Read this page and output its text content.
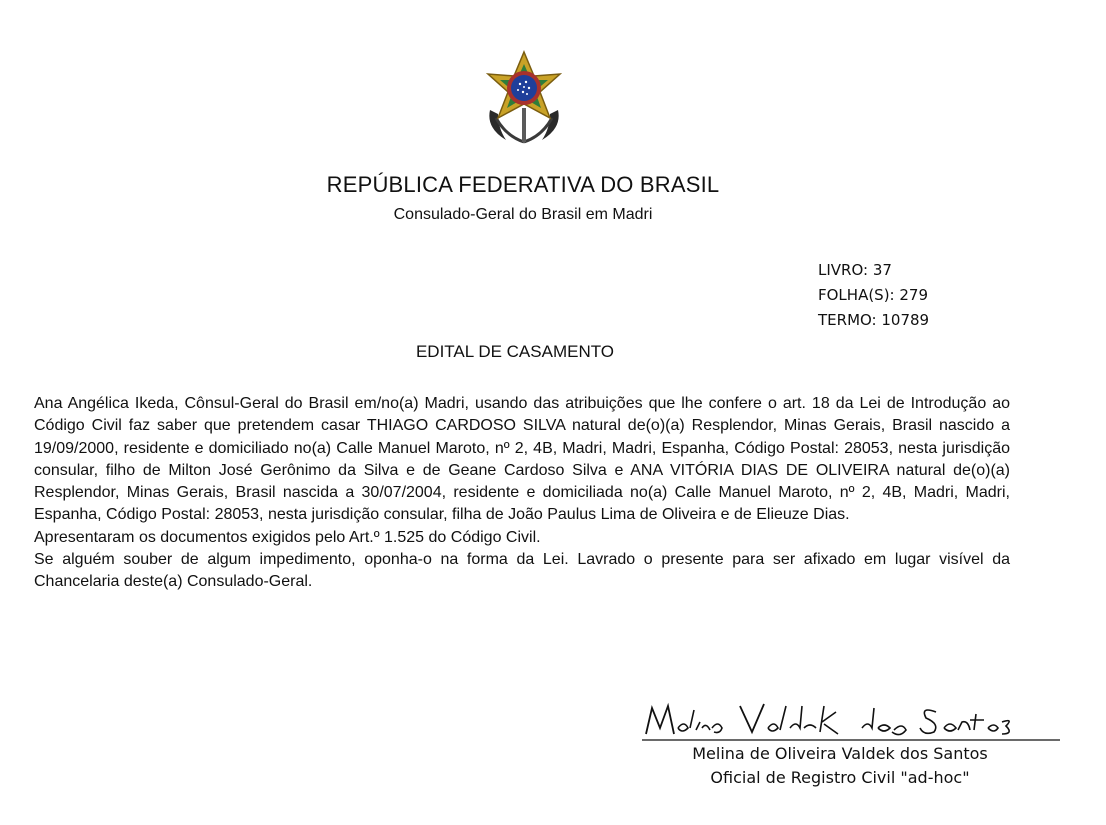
REPÚBLICA FEDERATIVA DO BRASIL
Consulado-Geral do Brasil em Madri
LIVRO: 37
FOLHA(S): 279
TERMO: 10789
EDITAL DE CASAMENTO

Ana Angélica Ikeda, Cônsul-Geral do Brasil em/no(a) Madri, usando das atribuições que lhe confere o art. 18 da Lei de Introdução ao Código Civil faz saber que pretendem casar THIAGO CARDOSO SILVA natural de(o)(a) Resplendor, Minas Gerais, Brasil nascido a 19/09/2000, residente e domiciliado no(a) Calle Manuel Maroto, nº 2, 4B, Madri, Madri, Espanha, Código Postal: 28053, nesta jurisdição consular, filho de Milton José Gerônimo da Silva e de Geane Cardoso Silva e ANA VITÓRIA DIAS DE OLIVEIRA natural de(o)(a) Resplendor, Minas Gerais, Brasil nascida a 30/07/2004, residente e domiciliada no(a) Calle Manuel Maroto, nº 2, 4B, Madri, Madri, Espanha, Código Postal: 28053, nesta jurisdição consular, filha de João Paulus Lima de Oliveira e de Elieuze Dias.

Apresentaram os documentos exigidos pelo Art.º 1.525 do Código Civil.

Se alguém souber de algum impedimento, oponha-o na forma da Lei. Lavrado o presente para ser afixado em lugar visível da Chancelaria deste(a) Consulado-Geral.

Melina de Oliveira Valdek dos Santos
Oficial de Registro Civil "ad-hoc"
